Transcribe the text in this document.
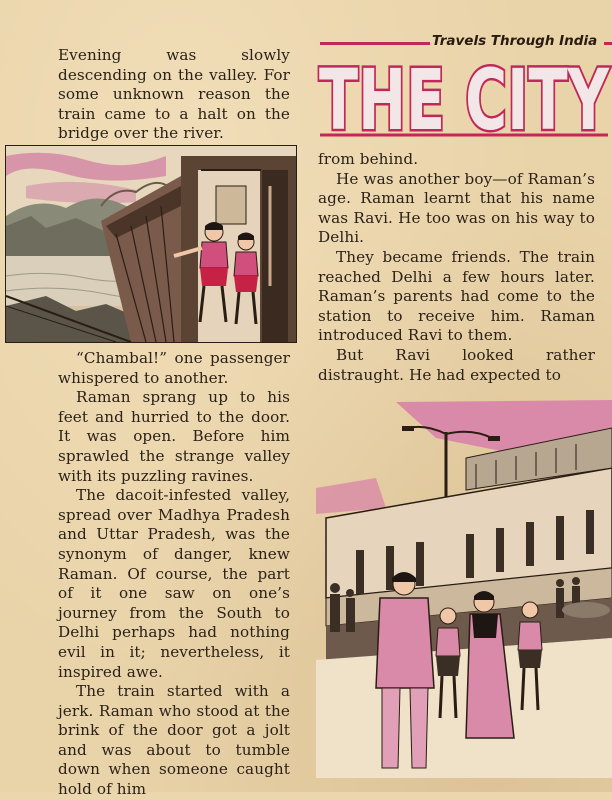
Evening was slowly descending on the valley. For some unknown reason the train came to a halt on the bridge over the river.

“Chambal!” one passenger whispered to another.

Raman sprang up to his feet and hurried to the door. It was open. Before him sprawled the strange valley with its puzzling ravines.

The dacoit-infested valley, spread over Madhya Pradesh and Uttar Pradesh, was the synonym of danger, knew Raman. Of course, the part of it one saw on one’s journey from the South to Delhi perhaps had nothing evil in it; nevertheless, it inspired awe.

The train started with a jerk. Raman who stood at the brink of the door got a jolt and was about to tumble down when someone caught hold of him

Travels Through India
THE CITY

from behind.

He was another boy—of Raman’s age. Raman learnt that his name was Ravi. He too was on his way to Delhi.

They became friends. The train reached Delhi a few hours later. Raman’s parents had come to the station to receive him. Raman introduced Ravi to them.

But Ravi looked rather distraught. He had expected to
